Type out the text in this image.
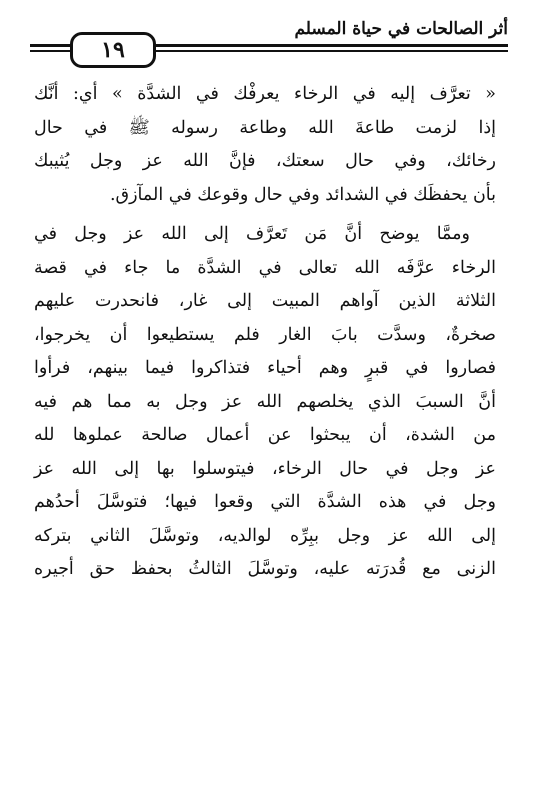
أثر الصالحات في حياة المسلم
١٩
« تعرَّف إليه في الرخاء يعرفْك في الشدَّة » أي: أنَّك
إذا لزمت طاعةَ الله وطاعة رسوله ﷺ في حال
رخائك، وفي حال سعتك، فإنَّ الله عز وجل يُثيبك
بأن يحفظَك في الشدائد وفي حال وقوعك في المآزق.
وممَّا يوضح أنَّ مَن تَعرَّف إلى الله عز وجل في
الرخاء عرَّفَه الله تعالى في الشدَّة ما جاء في قصة
الثلاثة الذين آواهم المبيت إلى غار، فانحدرت عليهم
صخرةٌ، وسدَّت بابَ الغار فلم يستطيعوا أن يخرجوا،
فصاروا في قبرٍ وهم أحياء فتذاكروا فيما بينهم، فرأوا
أنَّ السببَ الذي يخلصهم الله عز وجل به مما هم فيه
من الشدة، أن يبحثوا عن أعمال صالحة عملوها لله
عز وجل في حال الرخاء، فيتوسلوا بها إلى الله عز
وجل في هذه الشدَّة التي وقعوا فيها؛ فتوسَّلَ أحدُهم
إلى الله عز وجل ببِرِّه لوالديه، وتوسَّلَ الثاني بتركه
الزنى مع قُدرَته عليه، وتوسَّلَ الثالثُ بحفظ حق أجيره
